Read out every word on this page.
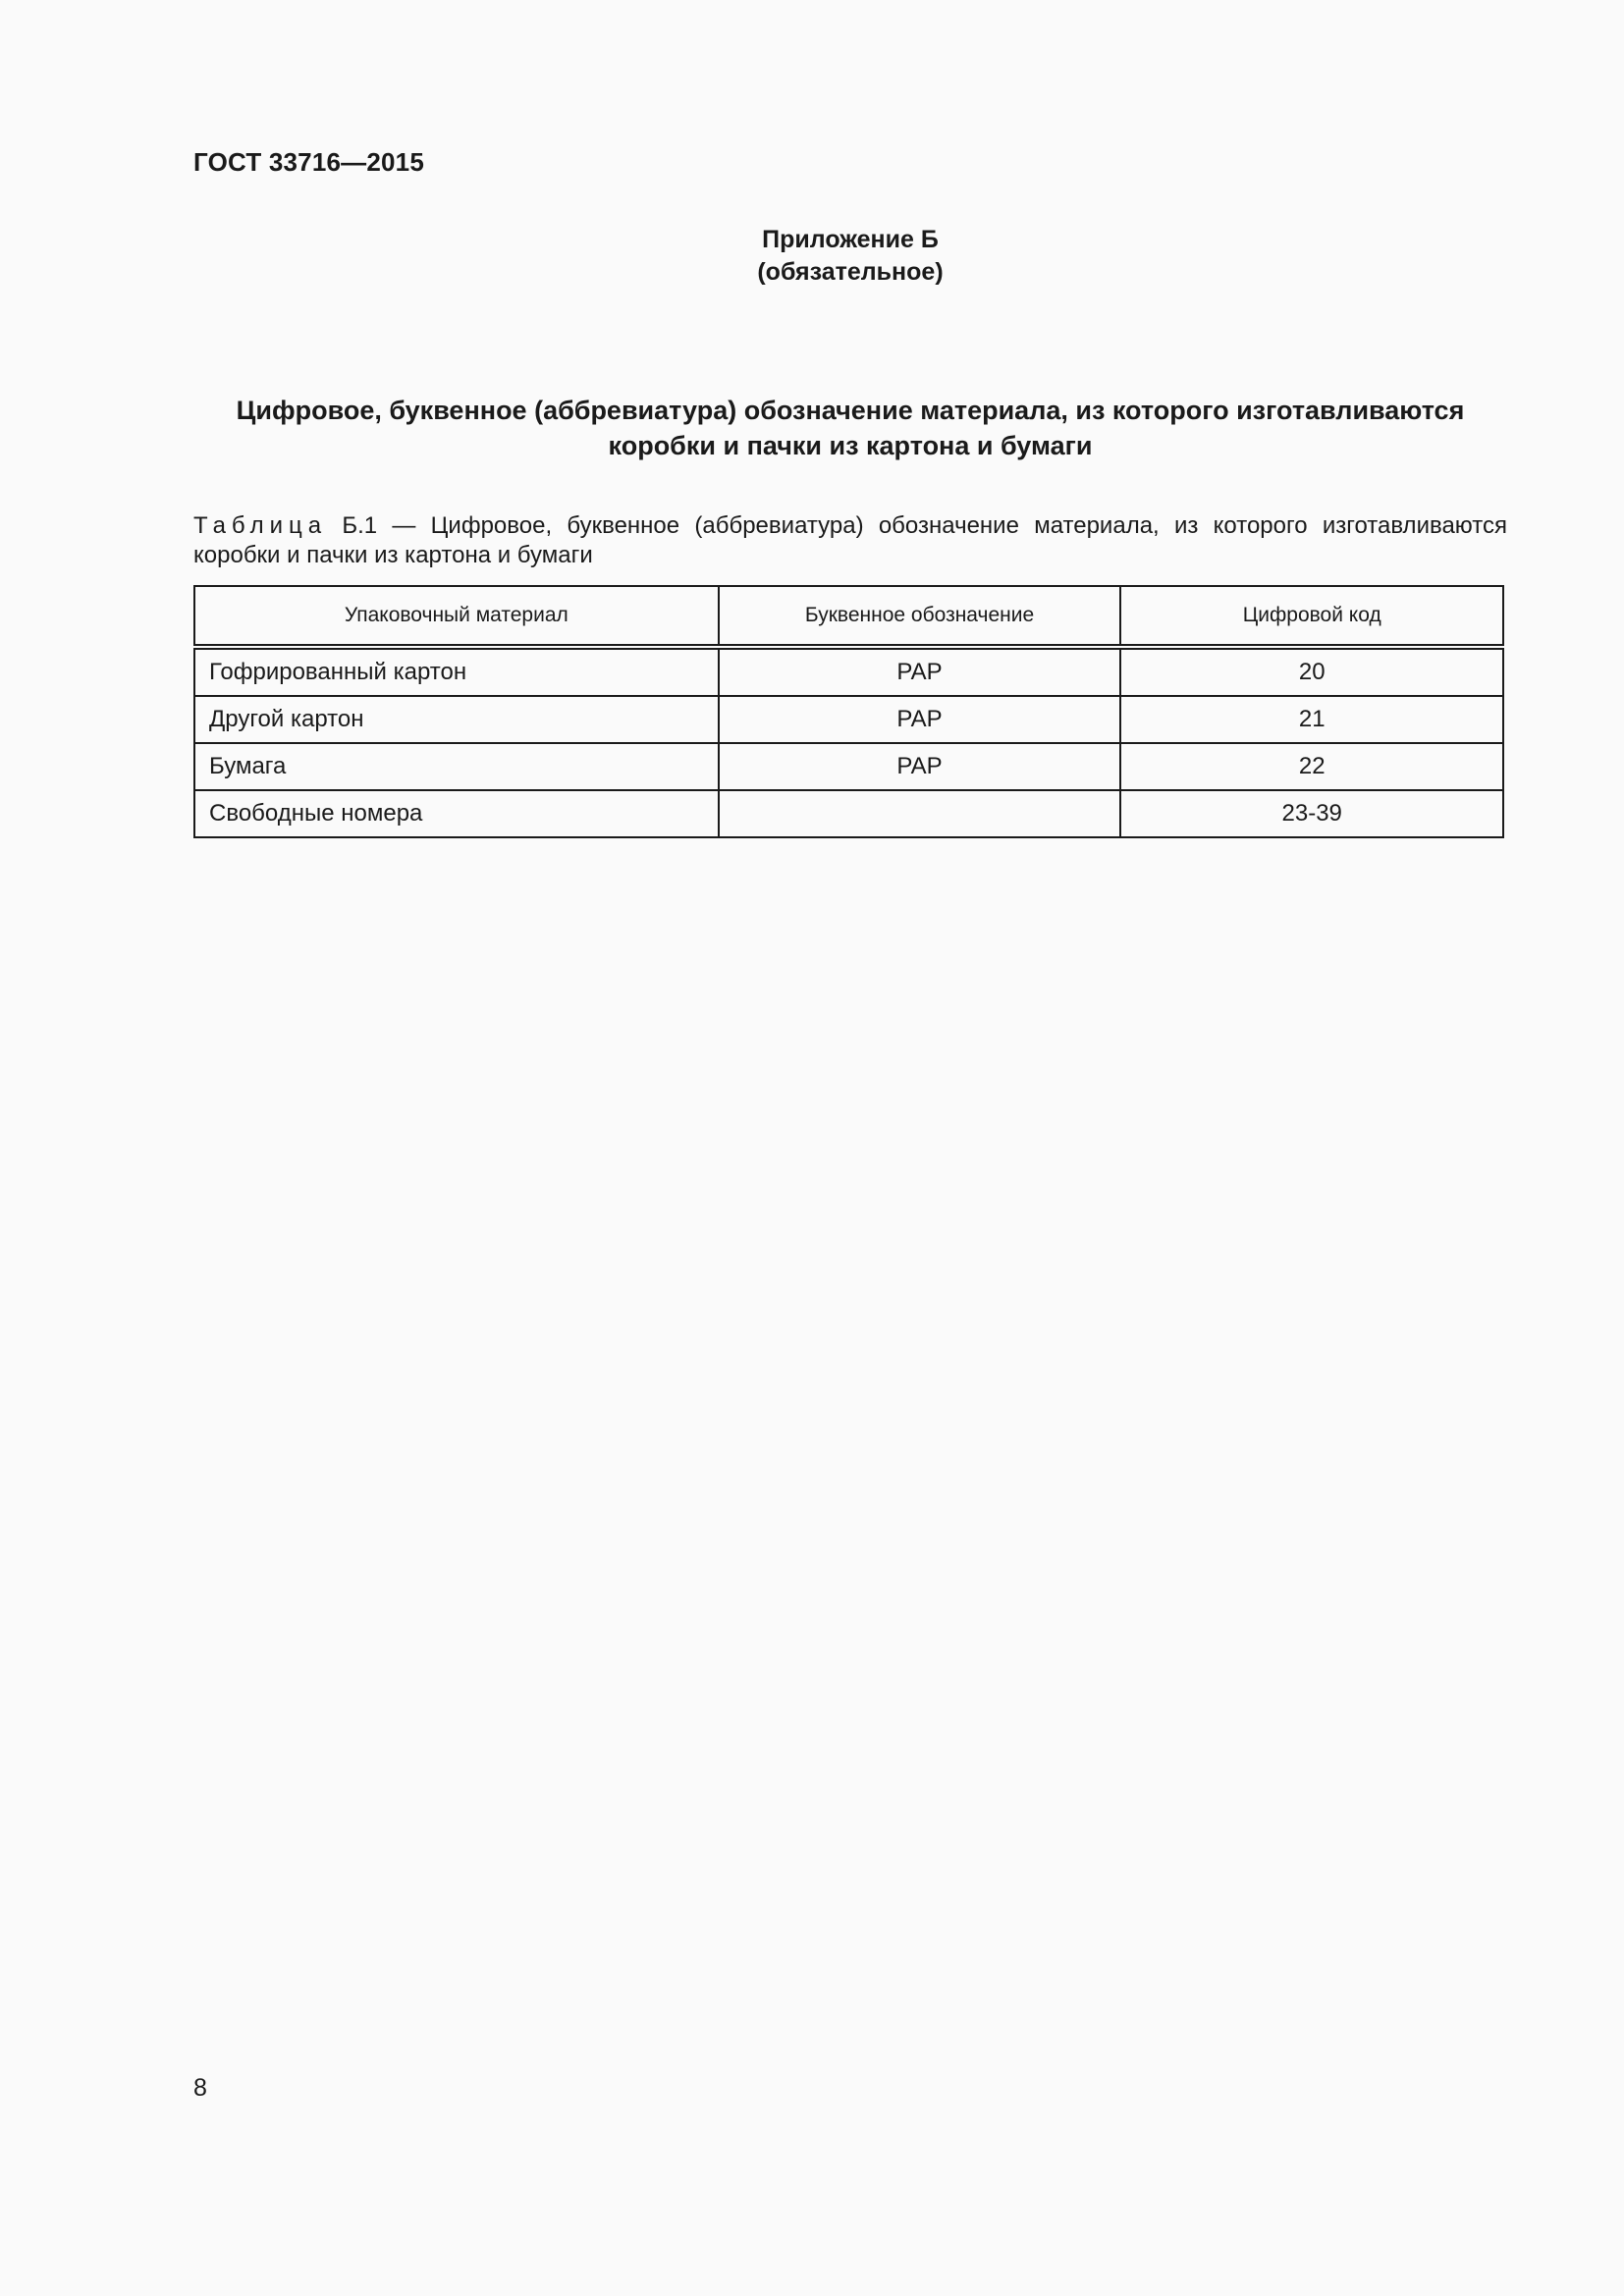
ГОСТ 33716—2015
Приложение Б
(обязательное)
Цифровое, буквенное (аббревиатура) обозначение материала, из которого изготавливаются
коробки и пачки из картона и бумаги
Таблица Б.1 — Цифровое, буквенное (аббревиатура) обозначение материала, из которого изготавливаются коробки и пачки из картона и бумаги
Упаковочный материал	Буквенное обозначение	Цифровой код
Гофрированный картон	PAP	20
Другой картон	PAP	21
Бумага	PAP	22
Свободные номера		23-39
8
